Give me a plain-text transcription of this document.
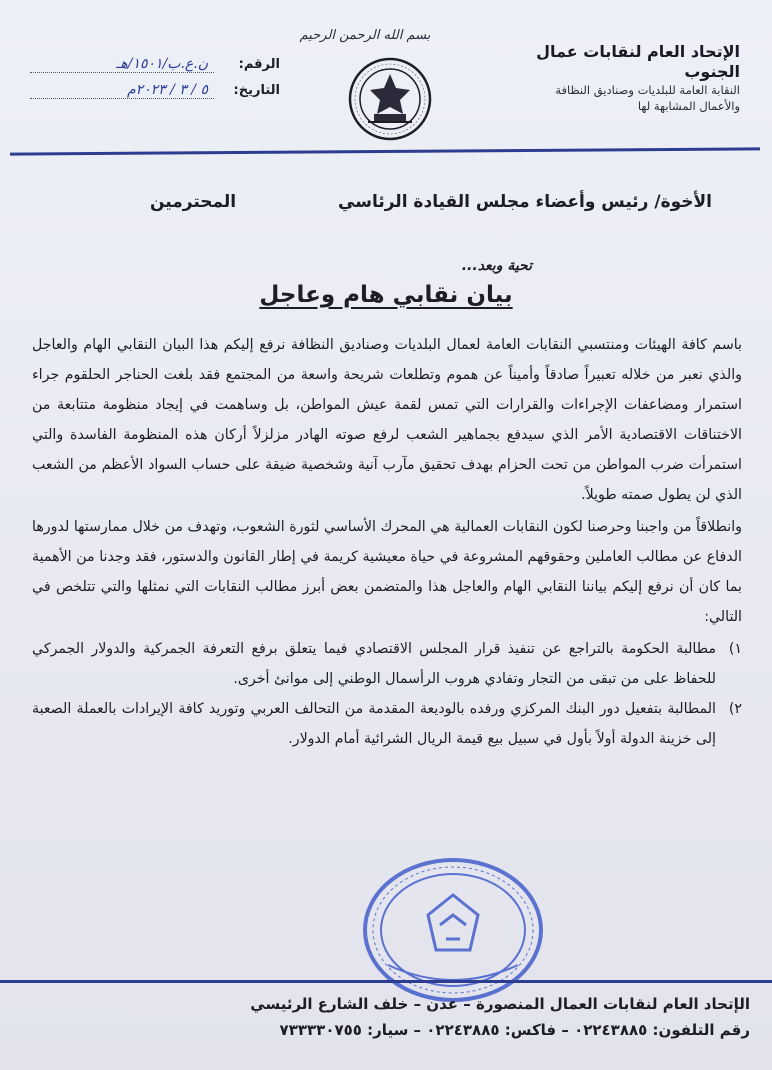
بسم الله الرحمن الرحيم
الإتحاد العام لنقابات عمال الجنوب
النقابة العامة للبلديات وصناديق النظافة
والأعمال المشابهة لها
الرقم:
ن.ع.ب/١٥٠١/هـ
التاريخ:
٥ / ٣ / ٢٠٢٣م
الأخوة/ رئيس وأعضاء مجلس القيادة الرئاسي
المحترمين
تحية وبعد...
بيان نقابي هام وعاجل

باسم كافة الهيئات ومنتسبي النقابات العامة لعمال البلديات وصناديق النظافة نرفع إليكم هذا البيان النقابي الهام والعاجل والذي نعبر من خلاله تعبيراً صادقاً وأميناً عن هموم وتطلعات شريحة واسعة من المجتمع فقد بلغت الحناجر الحلقوم جراء استمرار ومضاعفات الإجراءات والقرارات التي تمس لقمة عيش المواطن، بل وساهمت في إيجاد منظومة متتابعة من الاختناقات الاقتصادية الأمر الذي سيدفع بجماهير الشعب لرفع صوته الهادر مزلزلاً أركان هذه المنظومة الفاسدة والتي استمرأت ضرب المواطن من تحت الحزام بهدف تحقيق مآرب آنية وشخصية ضيقة على حساب السواد الأعظم من الشعب الذي لن يطول صمته طويلاً.

وانطلاقاً من واجبنا وحرصنا لكون النقابات العمالية هي المحرك الأساسي لثورة الشعوب، وتهدف من خلال ممارستها لدورها الدفاع عن مطالب العاملين وحقوقهم المشروعة في حياة معيشية كريمة في إطار القانون والدستور، فقد وجدنا من الأهمية بما كان أن نرفع إليكم بياننا النقابي الهام والعاجل هذا والمتضمن بعض أبرز مطالب النقابات التي نمثلها والتي تتلخص في التالي:

١)
مطالبة الحكومة بالتراجع عن تنفيذ قرار المجلس الاقتصادي فيما يتعلق برفع التعرفة الجمركية والدولار الجمركي للحفاظ على من تبقى من التجار وتفادي هروب الرأسمال الوطني إلى موانئ أخرى.
٢)
المطالبة بتفعيل دور البنك المركزي ورفده بالوديعة المقدمة من التحالف العربي وتوريد كافة الإيرادات بالعملة الصعبة إلى خزينة الدولة أولاً بأول في سبيل بيع قيمة الريال الشرائية أمام الدولار.
الإتحاد العام لنقابات العمال المنصورة – عدن – خلف الشارع الرئيسي
رقم التلفون: ٠٢٢٤٣٨٨٥ – فاكس: ٠٢٢٤٣٨٨٥ – سيار: ٧٣٣٣٣٠٧٥٥
